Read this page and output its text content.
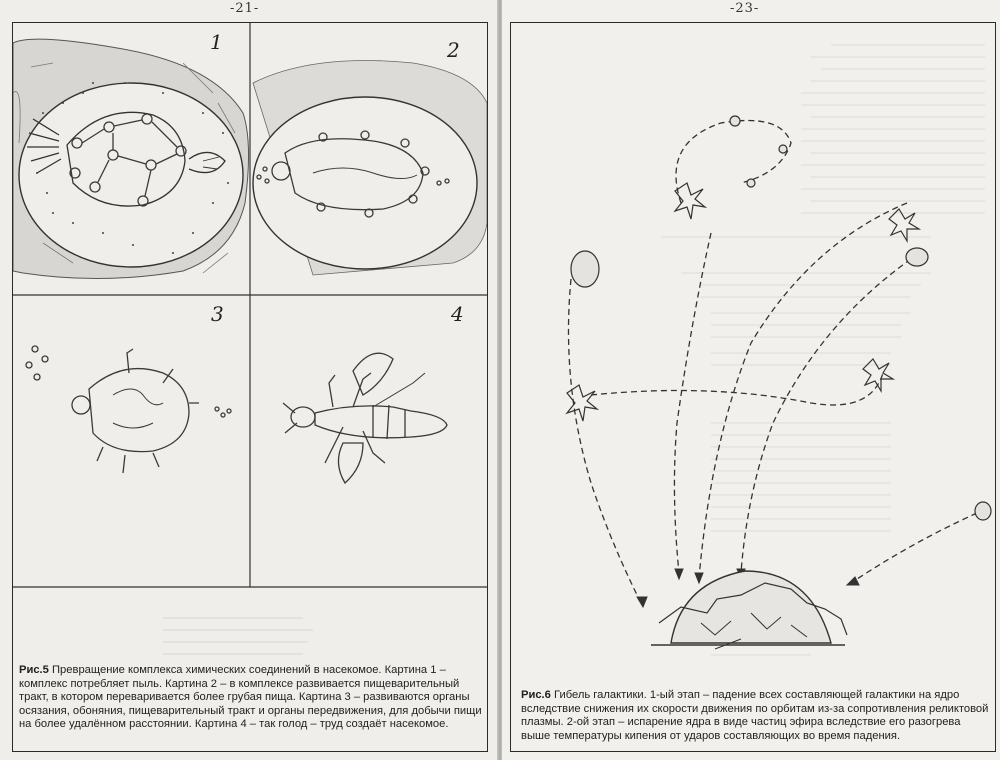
-21-
1	2
3	4
Рис.5 Превращение комплекса химических соединений в насекомое. Картина 1 – комплекс потребляет пыль. Картина 2 – в комплексе развивается пищеварительный тракт, в котором переваривается более грубая пища. Картина 3 – развиваются органы осязания, обоняния, пищеварительный тракт и органы передвижения, для добычи пищи на более удалённом расстоянии. Картина 4 – так голод – труд создаёт насекомое.
-23-
Рис.6 Гибель галактики. 1-ый этап – падение всех составляющей галактики на ядро вследствие снижения их скорости движения по орбитам из-за сопротивления реликтовой плазмы. 2-ой этап – испарение ядра в виде частиц эфира вследствие его разогрева выше температуры кипения от ударов составляющих во время падения.
